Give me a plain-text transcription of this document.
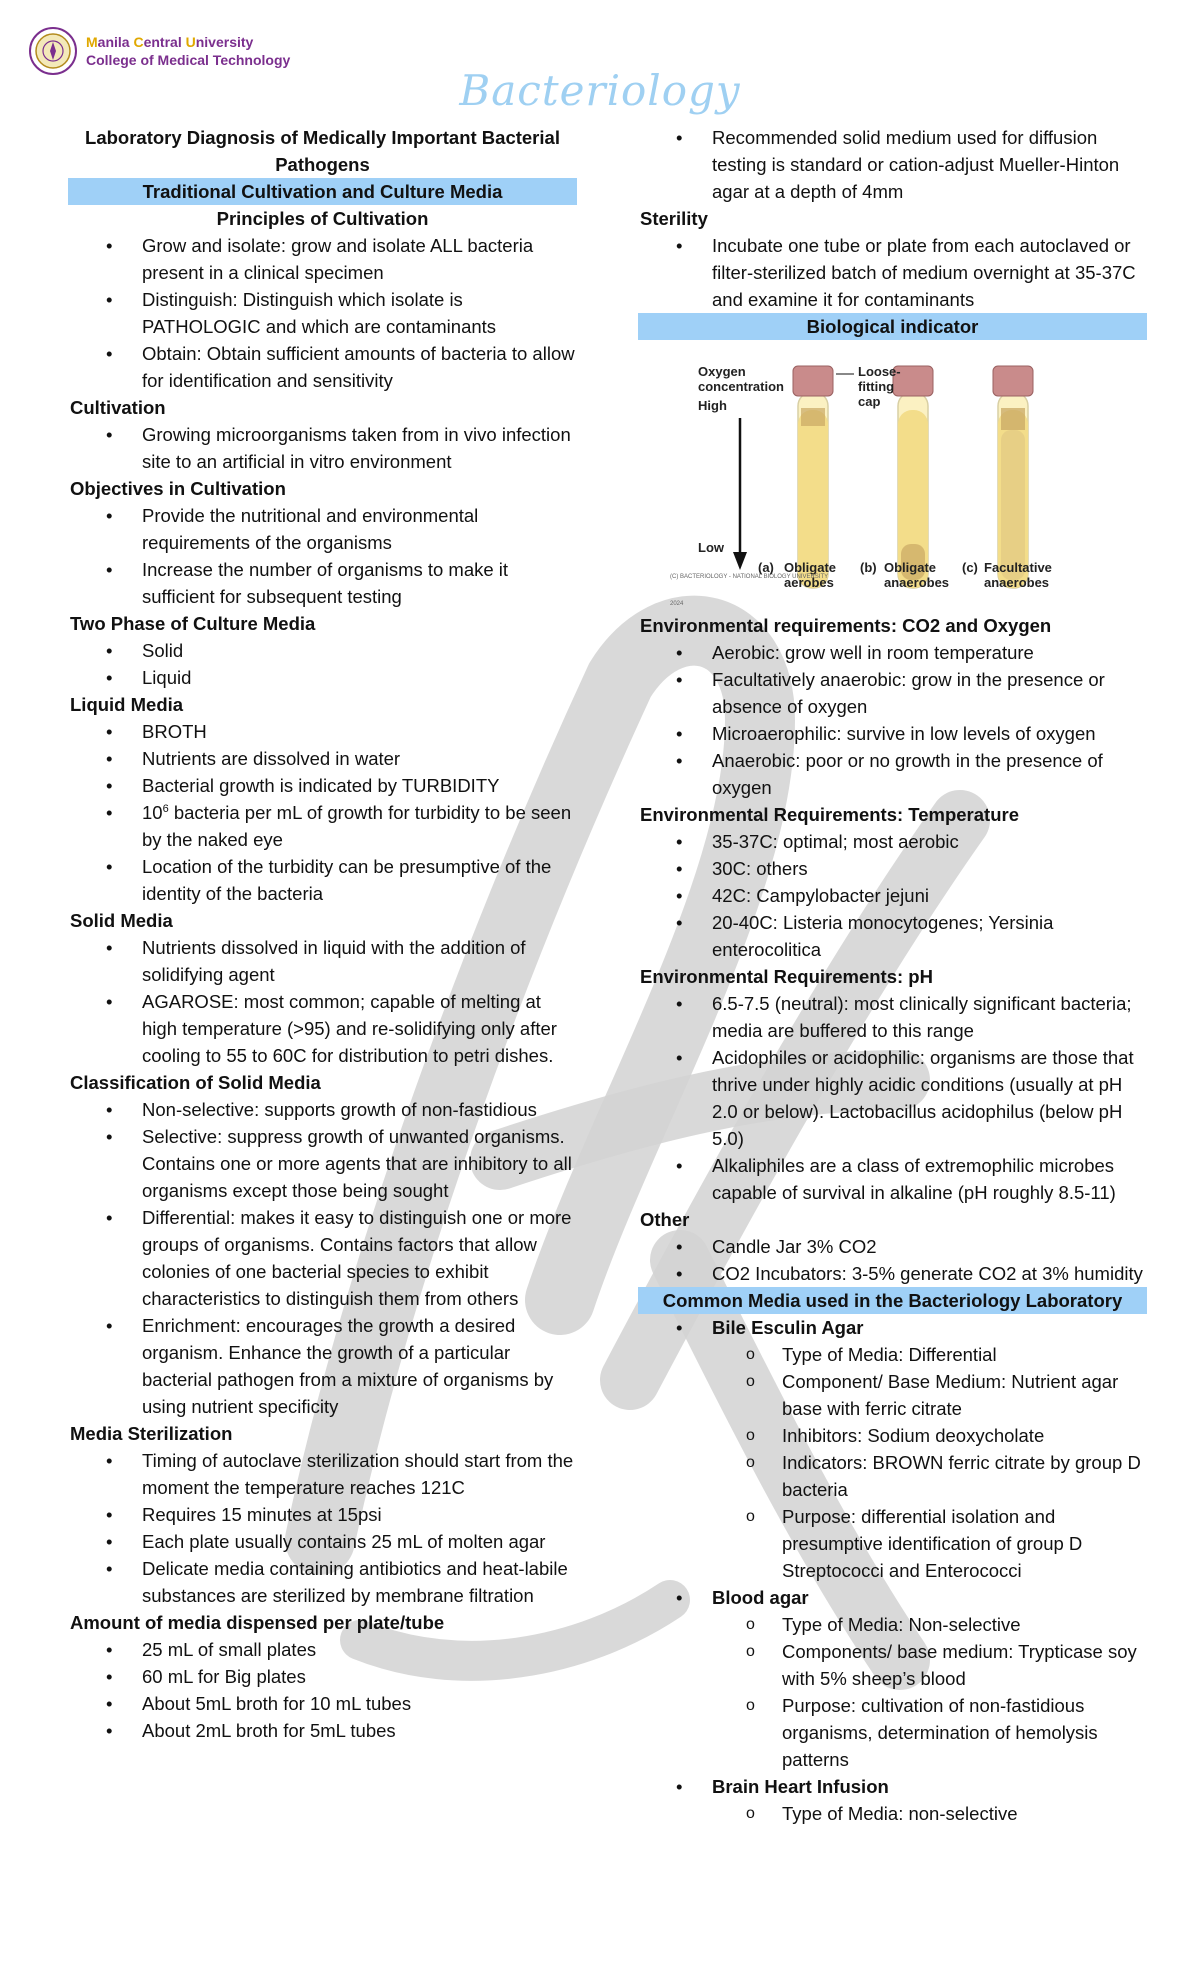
Manila Central University
College of Medical Technology
Bacteriology
Laboratory Diagnosis of Medically Important Bacterial Pathogens
Traditional Cultivation and Culture Media
Principles of Cultivation
• Grow and isolate: grow and isolate ALL bacteria present in a clinical specimen
• Distinguish: Distinguish which isolate is PATHOLOGIC and which are contaminants
• Obtain: Obtain sufficient amounts of bacteria to allow for identification and sensitivity
Cultivation
• Growing microorganisms taken from in vivo infection site to an artificial in vitro environment
Objectives in Cultivation
• Provide the nutritional and environmental requirements of the organisms
• Increase the number of organisms to make it sufficient for subsequent testing
Two Phase of Culture Media
• Solid
• Liquid
Liquid Media
• BROTH
• Nutrients are dissolved in water
• Bacterial growth is indicated by TURBIDITY
• $10^6$ bacteria per mL of growth for turbidity to be seen by the naked eye
• Location of the turbidity can be presumptive of the identity of the bacteria
Solid Media
• Nutrients dissolved in liquid with the addition of solidifying agent
• AGAROSE: most common; capable of melting at high temperature (>95) and re-solidifying only after cooling to 55 to 60C for distribution to petri dishes.
Classification of Solid Media
• Non-selective: supports growth of non-fastidious
• Selective: suppress growth of unwanted organisms. Contains one or more agents that are inhibitory to all organisms except those being sought
• Differential: makes it easy to distinguish one or more groups of organisms. Contains factors that allow colonies of one bacterial species to exhibit characteristics to distinguish them from others
• Enrichment: encourages the growth a desired organism. Enhance the growth of a particular bacterial pathogen from a mixture of organisms by using nutrient specificity
Media Sterilization
• Timing of autoclave sterilization should start from the moment the temperature reaches 121C
• Requires 15 minutes at 15psi
• Each plate usually contains 25 mL of molten agar
• Delicate media containing antibiotics and heat-labile substances are sterilized by membrane filtration
Amount of media dispensed per plate/tube
• 25 mL of small plates
• 60 mL for Big plates
• About 5mL broth for 10 mL tubes
• About 2mL broth for 5mL tubes
• Recommended solid medium used for diffusion testing is standard or cation-adjust Mueller-Hinton agar at a depth of 4mm
Sterility
• Incubate one tube or plate from each autoclaved or filter-sterilized batch of medium overnight at 35-37C and examine it for contaminants
Biological indicator
Oxygen concentration
High
Low
Loose-fitting cap
(C) BACTERIOLOGY - NATIONAL BIOLOGY UNIVERSITY 2024
(a) Obligate aerobes
(b) Obligate anaerobes
(c) Facultative anaerobes
Environmental requirements: CO2 and Oxygen
• Aerobic: grow well in room temperature
• Facultatively anaerobic: grow in the presence or absence of oxygen
• Microaerophilic: survive in low levels of oxygen
• Anaerobic: poor or no growth in the presence of oxygen
Environmental Requirements: Temperature
• 35-37C: optimal; most aerobic
• 30C: others
• 42C: Campylobacter jejuni
• 20-40C: Listeria monocytogenes; Yersinia enterocolitica
Environmental Requirements: pH
• 6.5-7.5 (neutral): most clinically significant bacteria; media are buffered to this range
• Acidophiles or acidophilic: organisms are those that thrive under highly acidic conditions (usually at pH 2.0 or below). Lactobacillus acidophilus (below pH 5.0)
• Alkaliphiles are a class of extremophilic microbes capable of survival in alkaline (pH roughly 8.5-11)
Other
• Candle Jar 3% CO2
• CO2 Incubators: 3-5% generate CO2 at 3% humidity
Common Media used in the Bacteriology Laboratory
• Bile Esculin Agar
o Type of Media: Differential
o Component/ Base Medium: Nutrient agar base with ferric citrate
o Inhibitors: Sodium deoxycholate
o Indicators: BROWN ferric citrate by group D bacteria
o Purpose: differential isolation and presumptive identification of group D Streptococci and Enterococci
• Blood agar
o Type of Media: Non-selective
o Components/ base medium: Trypticase soy with 5% sheep’s blood
o Purpose: cultivation of non-fastidious organisms, determination of hemolysis patterns
• Brain Heart Infusion
o Type of Media: non-selective
